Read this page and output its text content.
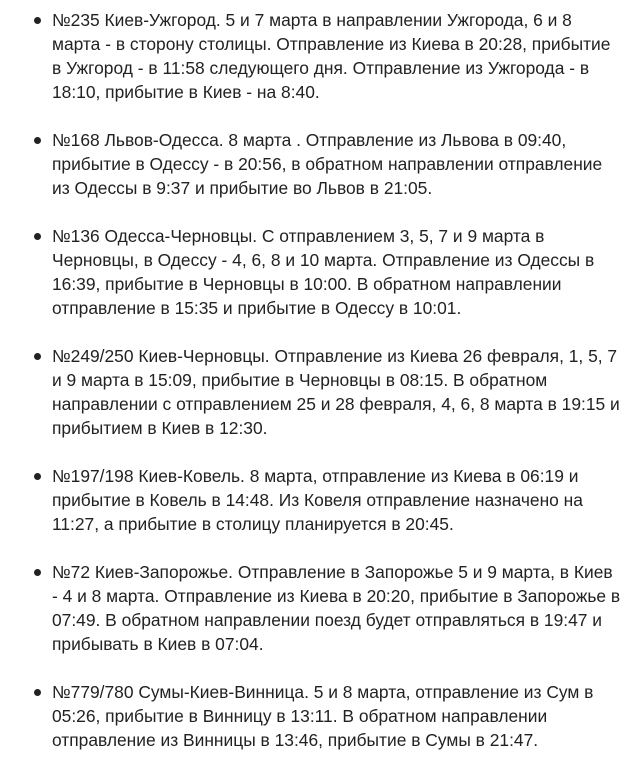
№235 Киев-Ужгород. 5 и 7 марта в направлении Ужгорода, 6 и 8 марта - в сторону столицы. Отправление из Киева в 20:28, прибытие в Ужгород - в 11:58 следующего дня. Отправление из Ужгорода - в 18:10, прибытие в Киев - на 8:40.
№168 Львов-Одесса. 8 марта . Отправление из Львова в 09:40, прибытие в Одессу - в 20:56, в обратном направлении отправление из Одессы в 9:37 и прибытие во Львов в 21:05.
№136 Одесса-Черновцы. С отправлением 3, 5, 7 и 9 марта в Черновцы, в Одессу - 4, 6, 8 и 10 марта. Отправление из Одессы в 16:39, прибытие в Черновцы в 10:00. В обратном направлении отправление в 15:35 и прибытие в Одессу в 10:01.
№249/250 Киев-Черновцы. Отправление из Киева 26 февраля, 1, 5, 7 и 9 марта в 15:09, прибытие в Черновцы в 08:15. В обратном направлении с отправлением 25 и 28 февраля, 4, 6, 8 марта в 19:15 и прибытием в Киев в 12:30.
№197/198 Киев-Ковель. 8 марта, отправление из Киева в 06:19 и прибытие в Ковель в 14:48. Из Ковеля отправление назначено на 11:27, а прибытие в столицу планируется в 20:45.
№72 Киев-Запорожье. Отправление в Запорожье 5 и 9 марта, в Киев - 4 и 8 марта. Отправление из Киева в 20:20, прибытие в Запорожье в 07:49. В обратном направлении поезд будет отправляться в 19:47 и прибывать в Киев в 07:04.
№779/780 Сумы-Киев-Винница. 5 и 8 марта, отправление из Сум в 05:26, прибытие в Винницу в 13:11. В обратном направлении отправление из Винницы в 13:46, прибытие в Сумы в 21:47.
